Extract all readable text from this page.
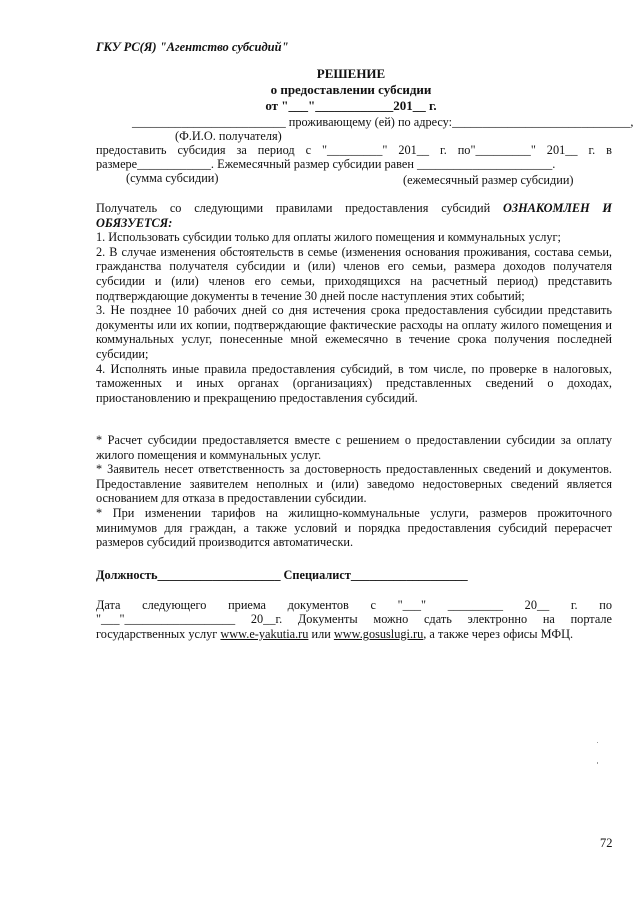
ГКУ РС(Я) "Агентство субсидий"
РЕШЕНИЕ
о предоставлении субсидии
от "___"____________201__ г.
_________________________ проживающему (ей) по адресу:_____________________________,
(Ф.И.О. получателя)
предоставить субсидия за период с "_________" 201__ г. по"_________" 201__ г. в
размере____________. Ежемесячный размер субсидии равен ______________________.
(сумма субсидии)	(ежемесячный размер субсидии)

Получатель со следующими правилами предоставления субсидий ОЗНАКОМЛЕН И ОБЯЗУЕТСЯ:

1. Использовать субсидии только для оплаты жилого помещения и коммунальных услуг;

2. В случае изменения обстоятельств в семье (изменения основания проживания, состава семьи, гражданства получателя субсидии и (или) членов его семьи, размера доходов получателя субсидии и (или) членов его семьи, приходящихся на расчетный период) представить подтверждающие документы в течение 30 дней после наступления этих событий;

3. Не позднее 10 рабочих дней со дня истечения срока предоставления субсидии представить документы или их копии, подтверждающие фактические расходы на оплату жилого помещения и коммунальных услуг, понесенные мной ежемесячно в течение срока получения последней субсидии;

4. Исполнять иные правила предоставления субсидий, в том числе, по проверке в налоговых, таможенных и иных органах (организациях) представленных сведений о доходах, приостановлению и прекращению предоставления субсидий.

* Расчет субсидии предоставляется вместе с решением о предоставлении субсидии за оплату жилого помещения и коммунальных услуг.

* Заявитель несет ответственность за достоверность предоставленных сведений и документов. Предоставление заявителем неполных и (или) заведомо недостоверных сведений является основанием для отказа в предоставлении субсидии.

* При изменении тарифов на жилищно-коммунальные услуги, размеров прожиточного минимумов для граждан, а также условий и порядка предоставления субсидий перерасчет размеров субсидий производится автоматически.

Должность____________________ Специалист___________________
Дата следующего приема документов с "___" _________ 20__ г. по
"___"__________________ 20__г. Документы можно сдать электронно на портале
государственных услуг www.e-yakutia.ru или www.gosuslugi.ru, а также через офисы МФЦ.
72
